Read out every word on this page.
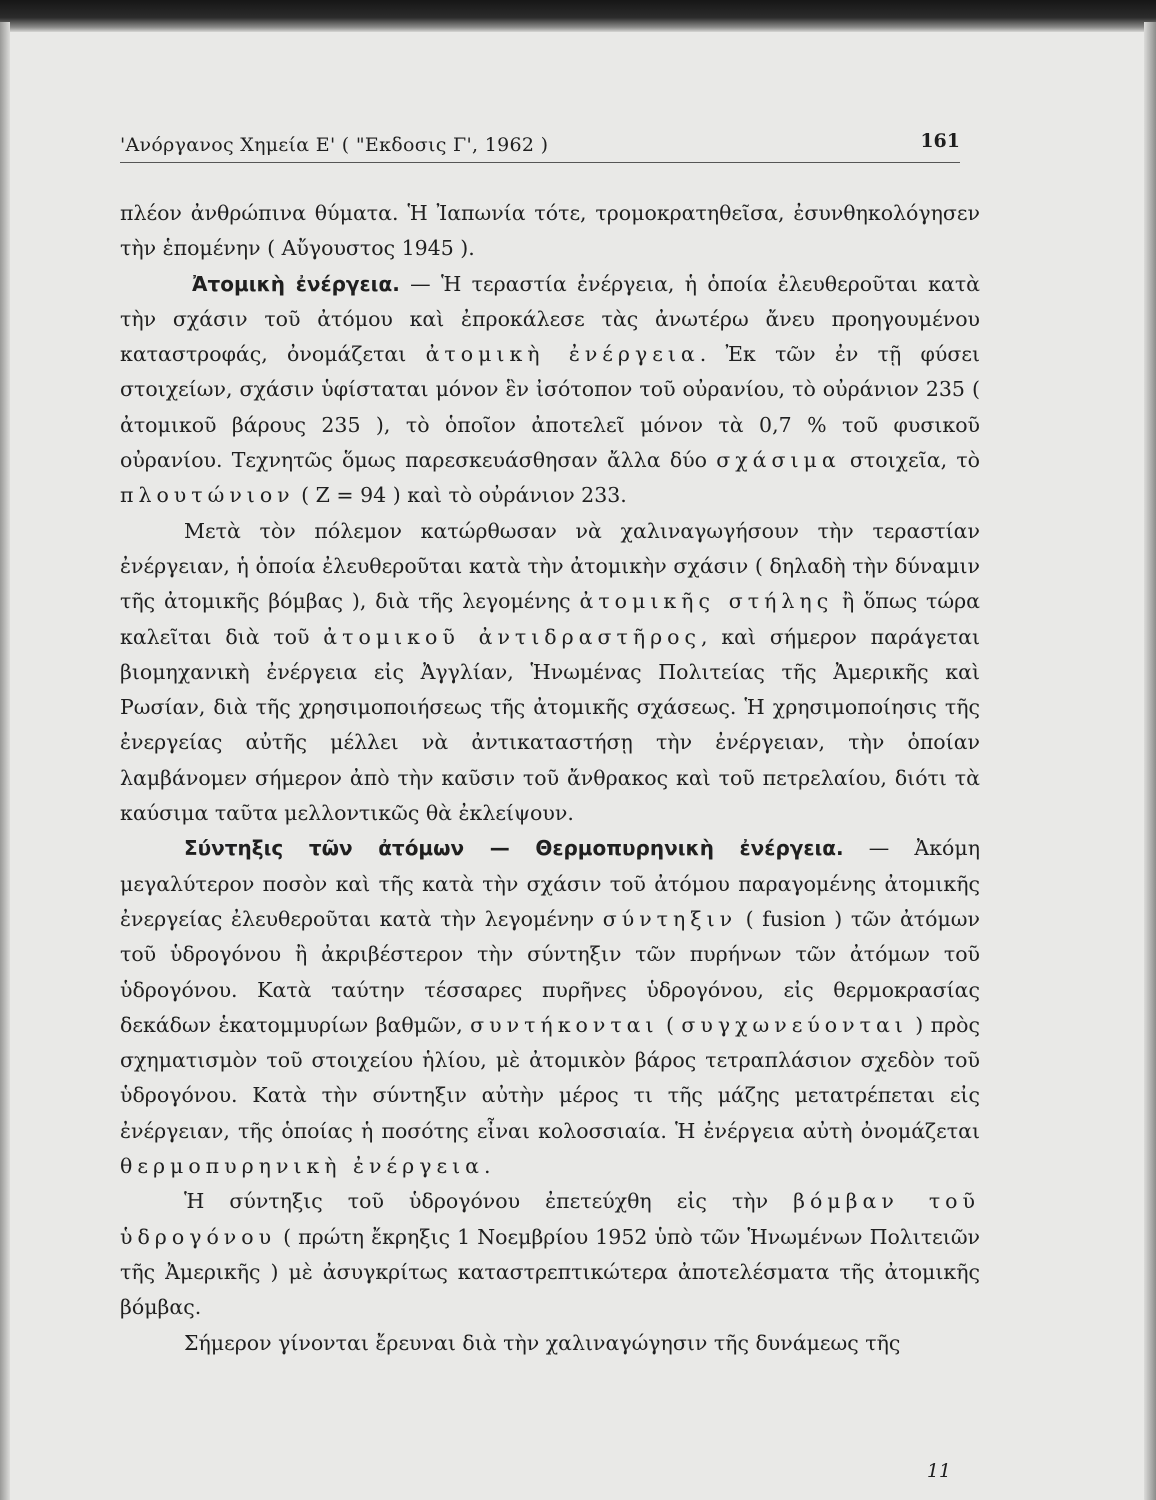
'Ανόργανος Χημεία Ε' ( "Εκδοσις Γ', 1962 )	161

πλέον ἀνθρώπινα θύματα. Ἡ Ἰαπωνία τότε, τρομοκρατηθεῖσα, ἐσυνθηκολόγησεν τὴν ἑπομένην ( Αὔγουστος 1945 ).

Ἀτομικὴ ἐνέργεια. — Ἡ τεραστία ἐνέργεια, ἡ ὁποία ἐλευθεροῦται κατὰ τὴν σχάσιν τοῦ ἀτόμου καὶ ἐπροκάλεσε τὰς ἀνωτέρω ἄνευ προηγουμένου καταστροφάς, ὀνομάζεται ἀτομικὴ ἐνέργεια. Ἐκ τῶν ἐν τῇ φύσει στοιχείων, σχάσιν ὑφίσταται μόνον ἓν ἰσότοπον τοῦ οὐρανίου, τὸ οὐράνιον 235 ( ἀτομικοῦ βάρους 235 ), τὸ ὁποῖον ἀποτελεῖ μόνον τὰ 0,7 % τοῦ φυσικοῦ οὐρανίου. Τεχνητῶς ὅμως παρεσκευάσθησαν ἄλλα δύο σχάσιμα στοιχεῖα, τὸ πλουτώνιον ( Ζ = 94 ) καὶ τὸ οὐράνιον 233.

Μετὰ τὸν πόλεμον κατώρθωσαν νὰ χαλιναγωγήσουν τὴν τεραστίαν ἐνέργειαν, ἡ ὁποία ἐλευθεροῦται κατὰ τὴν ἀτομικὴν σχάσιν ( δηλαδὴ τὴν δύναμιν τῆς ἀτομικῆς βόμβας ), διὰ τῆς λεγομένης ἀτομικῆς στήλης ἢ ὅπως τώρα καλεῖται διὰ τοῦ ἀτομικοῦ ἀντιδραστῆρος, καὶ σήμερον παράγεται βιομηχανικὴ ἐνέργεια εἰς Ἀγγλίαν, Ἡνωμένας Πολιτείας τῆς Ἀμερικῆς καὶ Ρωσίαν, διὰ τῆς χρησιμοποιήσεως τῆς ἀτομικῆς σχάσεως. Ἡ χρησιμοποίησις τῆς ἐνεργείας αὐτῆς μέλλει νὰ ἀντικαταστήσῃ τὴν ἐνέργειαν, τὴν ὁποίαν λαμβάνομεν σήμερον ἀπὸ τὴν καῦσιν τοῦ ἄνθρακος καὶ τοῦ πετρελαίου, διότι τὰ καύσιμα ταῦτα μελλοντικῶς θὰ ἐκλείψουν.

Σύντηξις τῶν ἀτόμων — Θερμοπυρηνικὴ ἐνέργεια. — Ἀκόμη μεγαλύτερον ποσὸν καὶ τῆς κατὰ τὴν σχάσιν τοῦ ἀτόμου παραγομένης ἀτομικῆς ἐνεργείας ἐλευθεροῦται κατὰ τὴν λεγομένην σύντηξιν ( fusion ) τῶν ἀτόμων τοῦ ὑδρογόνου ἢ ἀκριβέστερον τὴν σύντηξιν τῶν πυρήνων τῶν ἀτόμων τοῦ ὑδρογόνου. Κατὰ ταύτην τέσσαρες πυρῆνες ὑδρογόνου, εἰς θερμοκρασίας δεκάδων ἑκατομμυρίων βαθμῶν, συντήκονται ( συγχωνεύονται ) πρὸς σχηματισμὸν τοῦ στοιχείου ἡλίου, μὲ ἀτομικὸν βάρος τετραπλάσιον σχεδὸν τοῦ ὑδρογόνου. Κατὰ τὴν σύντηξιν αὐτὴν μέρος τι τῆς μάζης μετατρέπεται εἰς ἐνέργειαν, τῆς ὁποίας ἡ ποσότης εἶναι κολοσσιαία. Ἡ ἐνέργεια αὐτὴ ὀνομάζεται θερμοπυρηνικὴ ἐνέργεια.

Ἡ σύντηξις τοῦ ὑδρογόνου ἐπετεύχθη εἰς τὴν βόμβαν τοῦ ὑδρογόνου ( πρώτη ἔκρηξις 1 Νοεμβρίου 1952 ὑπὸ τῶν Ἡνωμένων Πολιτειῶν τῆς Ἀμερικῆς ) μὲ ἀσυγκρίτως καταστρεπτικώτερα ἀποτελέσματα τῆς ἀτομικῆς βόμβας.

Σήμερον γίνονται ἔρευναι διὰ τὴν χαλιναγώγησιν τῆς δυνάμεως τῆς

11
